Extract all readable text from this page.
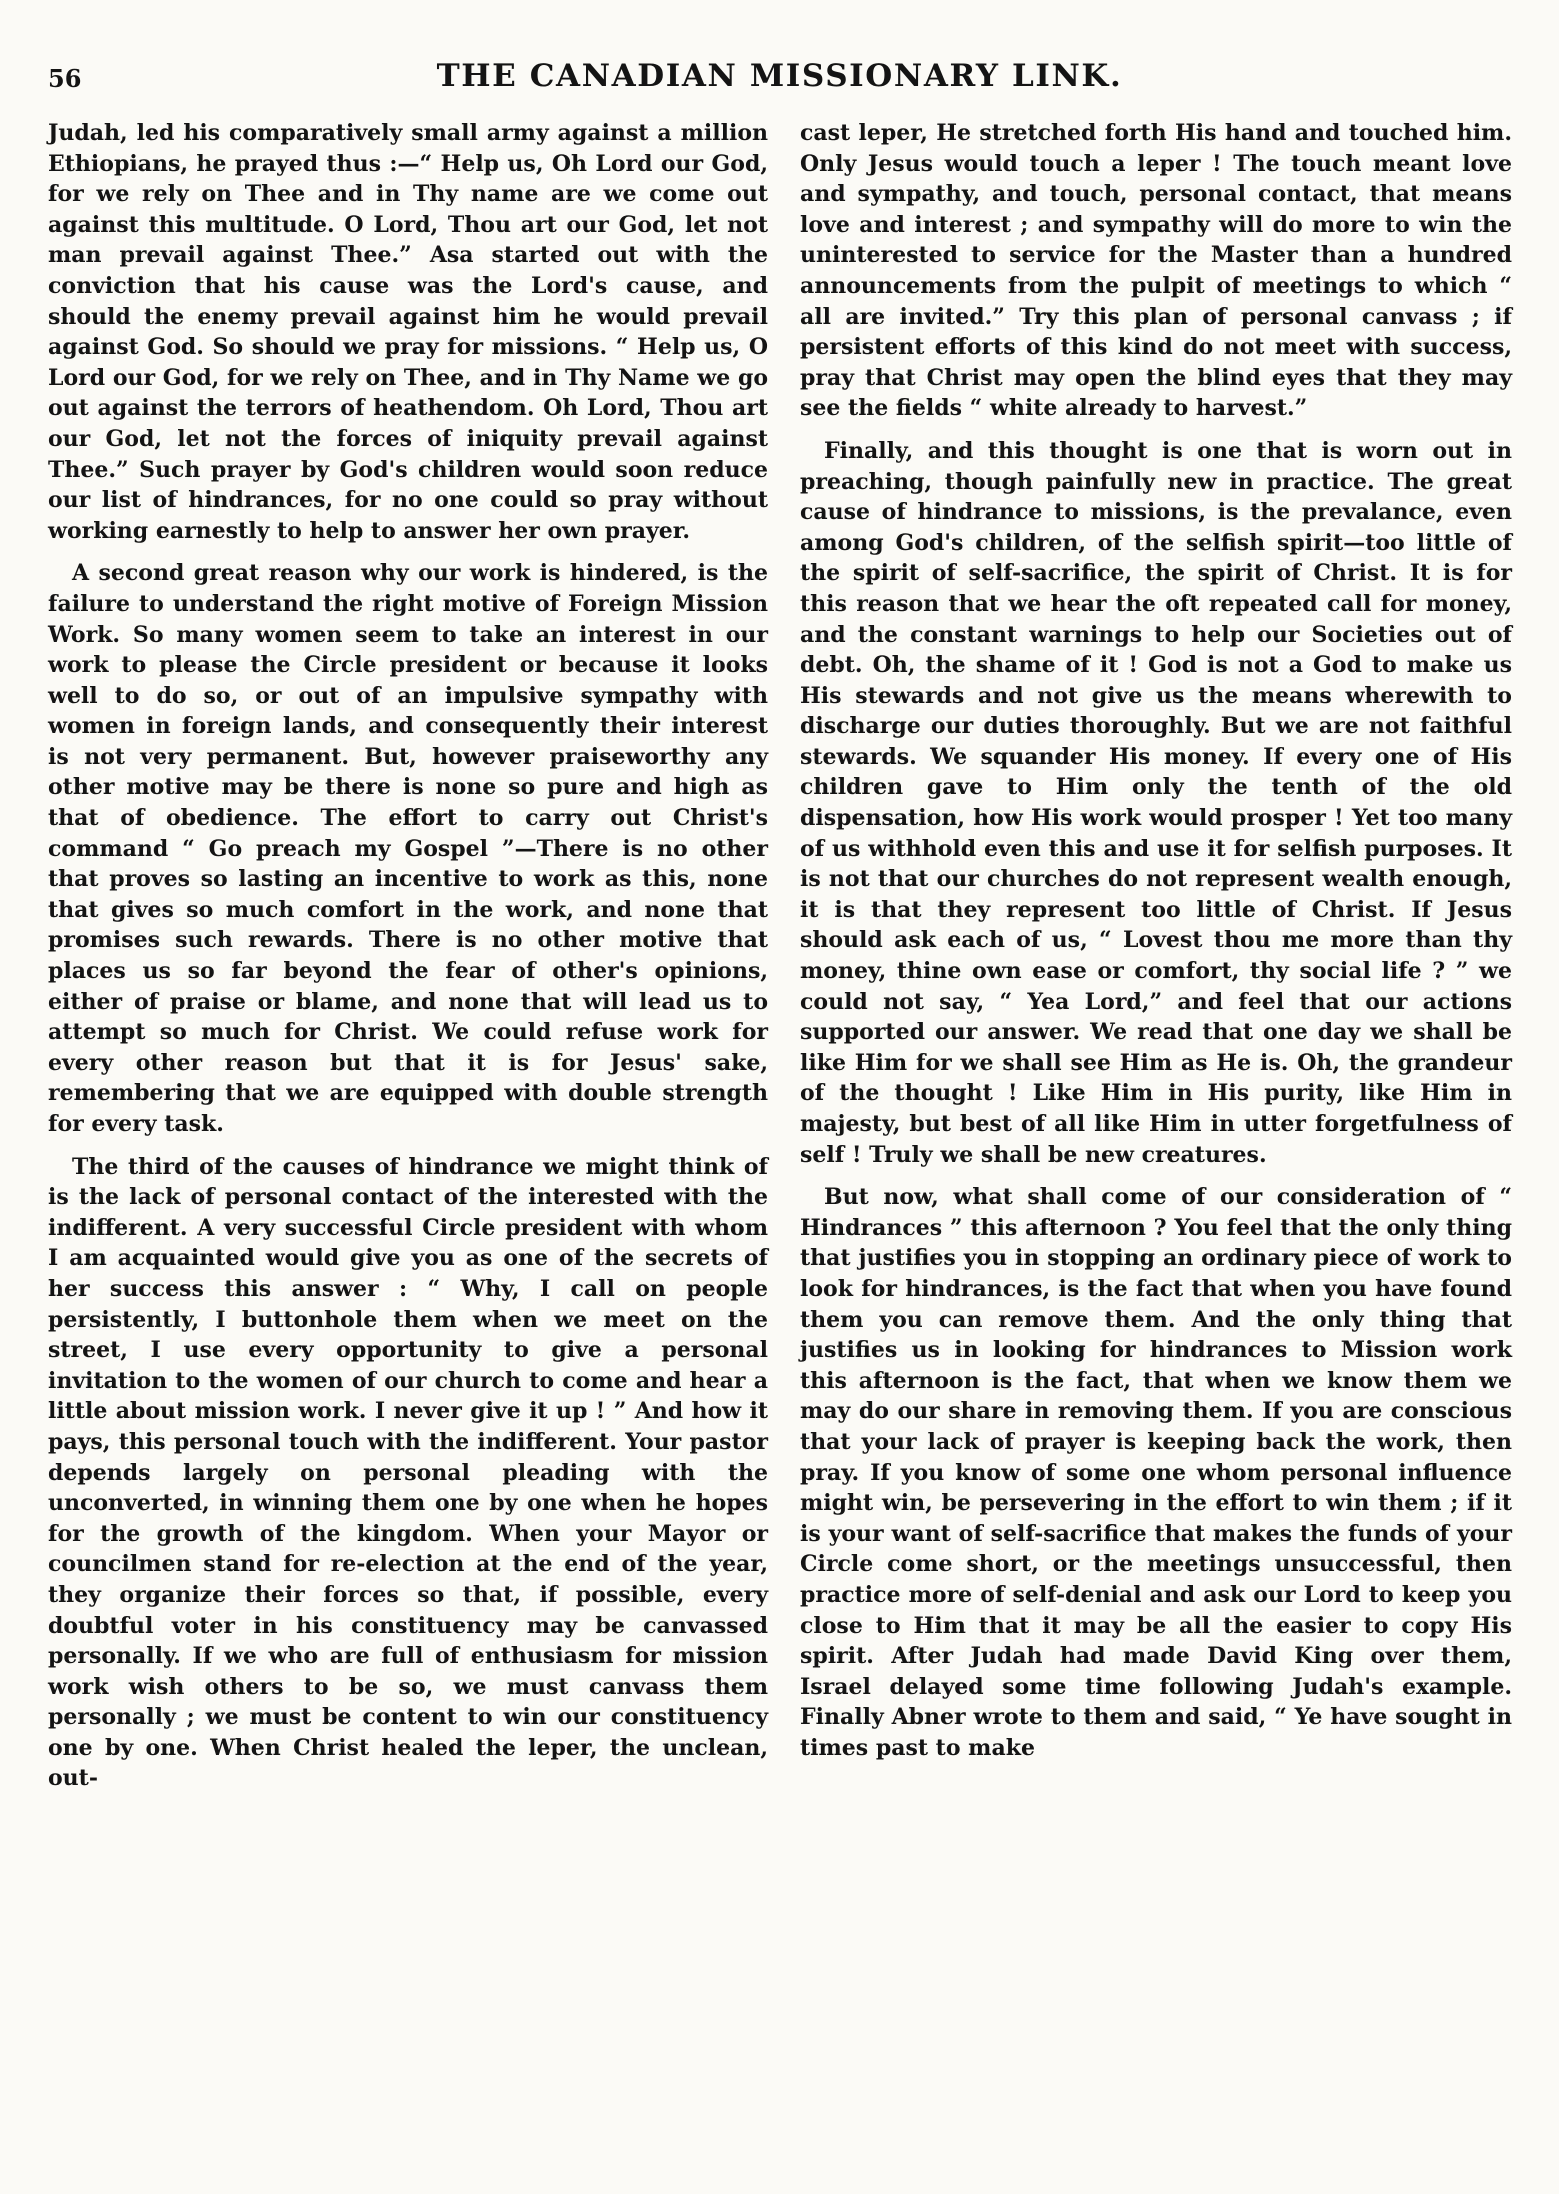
56	THE CANADIAN MISSIONARY LINK.

Judah, led his comparatively small army against a million Ethiopians, he prayed thus :—“ Help us, Oh Lord our God, for we rely on Thee and in Thy name are we come out against this multitude. O Lord, Thou art our God, let not man prevail against Thee.” Asa started out with the conviction that his cause was the Lord's cause, and should the enemy prevail against him he would prevail against God. So should we pray for missions. “ Help us, O Lord our God, for we rely on Thee, and in Thy Name we go out against the terrors of heathendom. Oh Lord, Thou art our God, let not the forces of iniquity prevail against Thee.” Such prayer by God's children would soon reduce our list of hindrances, for no one could so pray without working earnestly to help to answer her own prayer.

A second great reason why our work is hindered, is the failure to understand the right motive of Foreign Mission Work. So many women seem to take an interest in our work to please the Circle president or because it looks well to do so, or out of an impulsive sympathy with women in foreign lands, and consequently their interest is not very permanent. But, however praiseworthy any other motive may be there is none so pure and high as that of obedience. The effort to carry out Christ's command “ Go preach my Gospel ”—There is no other that proves so lasting an incentive to work as this, none that gives so much comfort in the work, and none that promises such rewards. There is no other motive that places us so far beyond the fear of other's opinions, either of praise or blame, and none that will lead us to attempt so much for Christ. We could refuse work for every other reason but that it is for Jesus' sake, remembering that we are equipped with double strength for every task.

The third of the causes of hindrance we might think of is the lack of personal contact of the interested with the indifferent. A very successful Circle president with whom I am acquainted would give you as one of the secrets of her success this answer : “ Why, I call on people persistently, I buttonhole them when we meet on the street, I use every opportunity to give a personal invitation to the women of our church to come and hear a little about mission work. I never give it up ! ” And how it pays, this personal touch with the indifferent. Your pastor depends largely on personal pleading with the unconverted, in winning them one by one when he hopes for the growth of the kingdom. When your Mayor or councilmen stand for re-election at the end of the year, they organize their forces so that, if possible, every doubtful voter in his constituency may be canvassed personally. If we who are full of enthusiasm for mission work wish others to be so, we must canvass them personally ; we must be content to win our constituency one by one. When Christ healed the leper, the unclean, out-

cast leper, He stretched forth His hand and touched him. Only Jesus would touch a leper ! The touch meant love and sympathy, and touch, personal contact, that means love and interest ; and sympathy will do more to win the uninterested to service for the Master than a hundred announcements from the pulpit of meetings to which “ all are invited.” Try this plan of personal canvass ; if persistent efforts of this kind do not meet with success, pray that Christ may open the blind eyes that they may see the fields “ white already to harvest.”

Finally, and this thought is one that is worn out in preaching, though painfully new in practice. The great cause of hindrance to missions, is the prevalance, even among God's children, of the selfish spirit—too little of the spirit of self-sacrifice, the spirit of Christ. It is for this reason that we hear the oft repeated call for money, and the constant warnings to help our Societies out of debt. Oh, the shame of it ! God is not a God to make us His stewards and not give us the means wherewith to discharge our duties thoroughly. But we are not faithful stewards. We squander His money. If every one of His children gave to Him only the tenth of the old dispensation, how His work would prosper ! Yet too many of us withhold even this and use it for selfish purposes. It is not that our churches do not represent wealth enough, it is that they represent too little of Christ. If Jesus should ask each of us, “ Lovest thou me more than thy money, thine own ease or comfort, thy social life ? ” we could not say, “ Yea Lord,” and feel that our actions supported our answer. We read that one day we shall be like Him for we shall see Him as He is. Oh, the grandeur of the thought ! Like Him in His purity, like Him in majesty, but best of all like Him in utter forgetfulness of self ! Truly we shall be new creatures.

But now, what shall come of our consideration of “ Hindrances ” this afternoon ? You feel that the only thing that justifies you in stopping an ordinary piece of work to look for hindrances, is the fact that when you have found them you can remove them. And the only thing that justifies us in looking for hindrances to Mission work this afternoon is the fact, that when we know them we may do our share in removing them. If you are conscious that your lack of prayer is keeping back the work, then pray. If you know of some one whom personal influence might win, be persevering in the effort to win them ; if it is your want of self-sacrifice that makes the funds of your Circle come short, or the meetings unsuccessful, then practice more of self-denial and ask our Lord to keep you close to Him that it may be all the easier to copy His spirit. After Judah had made David King over them, Israel delayed some time following Judah's example. Finally Abner wrote to them and said, “ Ye have sought in times past to make
